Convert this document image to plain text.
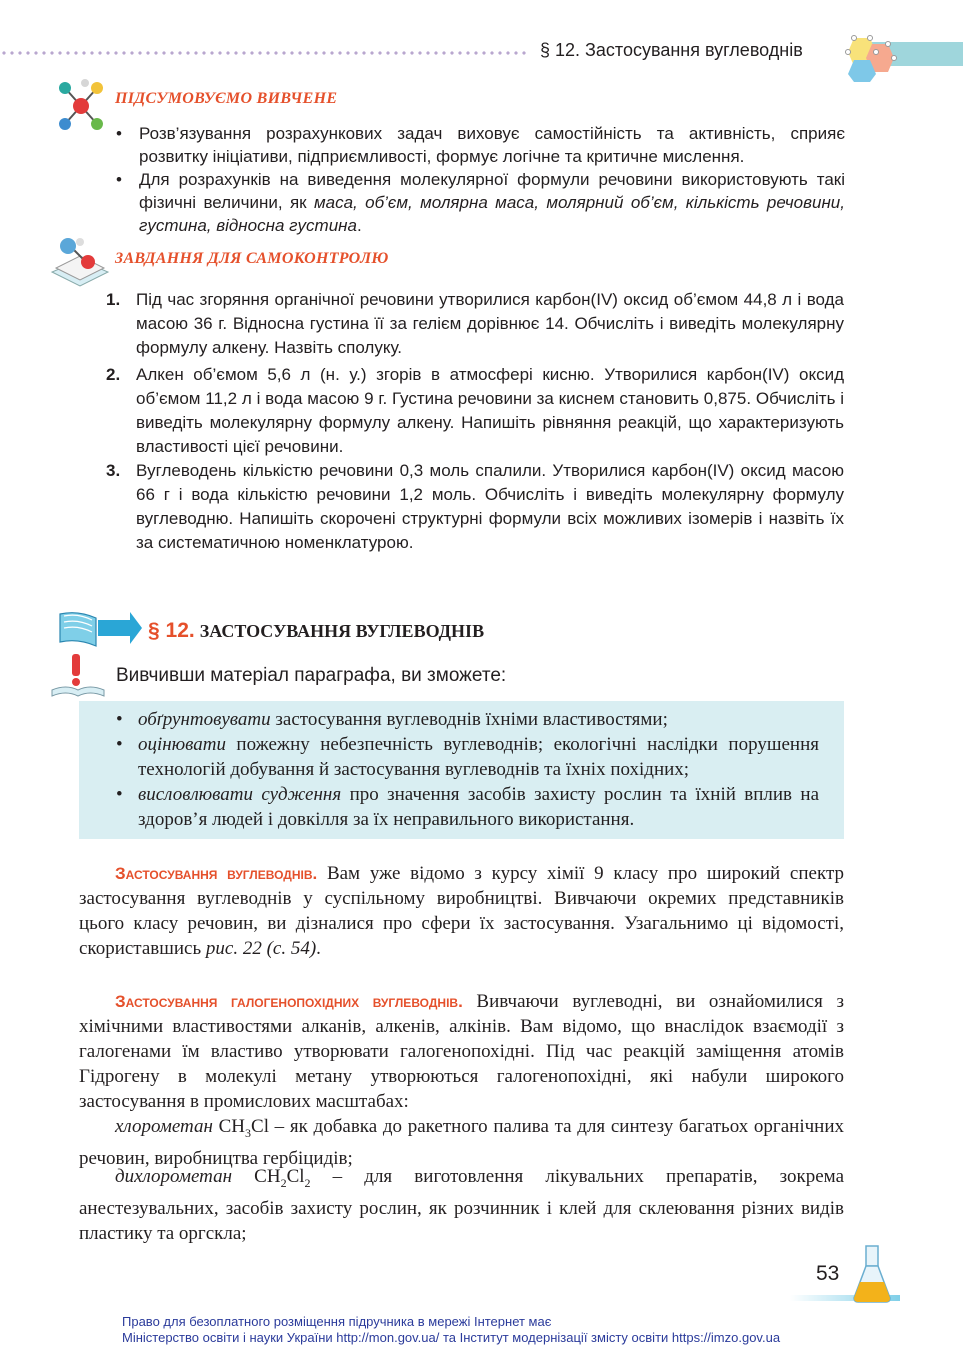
§ 12. Застосування вуглеводнів
ПІДСУМОВУЄМО ВИВЧЕНЕ
• Розв’язування розрахункових задач виховує самостійність та активність, сприяє розвитку ініціативи, підприємливості, формує логічне та критичне мислення.
• Для розрахунків на виведення молекулярної формули речовини використовують такі фізичні величини, як маса, об’єм, молярна маса, молярний об’єм, кількість речовини, густина, відносна густина.
ЗАВДАННЯ ДЛЯ САМОКОНТРОЛЮ
1. Під час згоряння органічної речовини утворилися карбон(IV) оксид об’ємом 44,8 л і вода масою 36 г. Відносна густина її за гелієм дорівнює 14. Обчисліть і виведіть молекулярну формулу алкену. Назвіть сполуку.
2. Алкен об’ємом 5,6 л (н. у.) згорів в атмосфері кисню. Утворилися карбон(IV) оксид об’ємом 11,2 л і вода масою 9 г. Густина речовини за киснем становить 0,875. Обчисліть і виведіть молекулярну формулу алкену. Напишіть рівняння реакцій, що характеризують властивості цієї речовини.
3. Вуглеводень кількістю речовини 0,3 моль спалили. Утворилися карбон(IV) оксид масою 66 г і вода кількістю речовини 1,2 моль. Обчисліть і виведіть молекулярну формулу вуглеводню. Напишіть скорочені структурні формули всіх можливих ізомерів і назвіть їх за систематичною номенклатурою.
§ 12. ЗАСТОСУВАННЯ ВУГЛЕВОДНІВ
Вивчивши матеріал параграфа, ви зможете:
• обґрунтовувати застосування вуглеводнів їхніми властивостями;
• оцінювати пожежну небезпечність вуглеводнів; екологічні наслідки порушення технологій добування й застосування вуглеводнів та їхніх похідних;
• висловлювати судження про значення засобів захисту рослин та їхній вплив на здоров’я людей і довкілля за їх неправильного використання.
Застосування вуглеводнів. Вам уже відомо з курсу хімії 9 класу про широкий спектр застосування вуглеводнів у суспільному виробництві. Вивчаючи окремих представників цього класу речовин, ви дізналися про сфери їх застосування. Узагальнимо ці відомості, скориставшись рис. 22 (с. 54).
Застосування галогенопохідних вуглеводнів. Вивчаючи вуглеводні, ви ознайомилися з хімічними властивостями алканів, алкенів, алкінів. Вам відомо, що внаслідок взаємодії з галогенами їм властиво утворювати галогенопохідні. Під час реакцій заміщення атомів Гідрогену в молекулі метану утворюються галогенопохідні, які набули широкого застосування в промислових масштабах:
хлорометан $CH_3Cl$ – як добавка до ракетного палива та для синтезу багатьох органічних речовин, виробництва гербіцидів;
дихлорометан $CH_2Cl_2$ – для виготовлення лікувальних препаратів, зокрема анестезувальних, засобів захисту рослин, як розчинник і клей для склеювання різних видів пластику та оргскла;
53
Право для безоплатного розміщення підручника в мережі Інтернет має
Міністерство освіти і науки України http://mon.gov.ua/ та Інститут модернізації змісту освіти https://imzo.gov.ua
